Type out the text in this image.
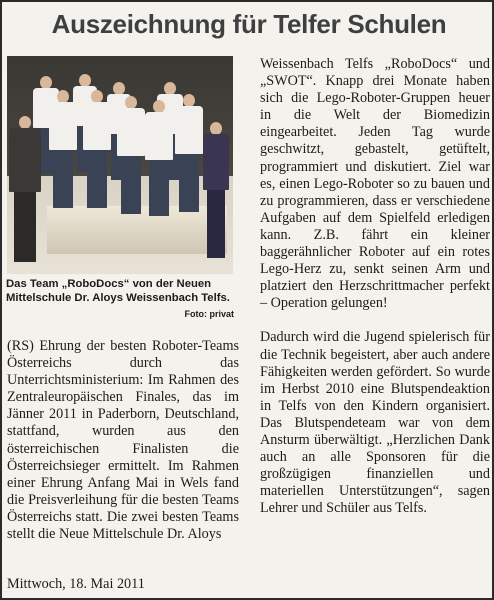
Auszeichnung für Telfer Schulen
Das Team „RoboDocs“ von der Neuen Mittelschule Dr. Aloys Weissenbach Telfs.
Foto: privat

(RS) Ehrung der besten Roboter-Teams Österreichs durch das Unterrichtsministerium: Im Rahmen des Zentraleuropäischen Finales, das im Jänner 2011 in Paderborn, Deutschland, stattfand, wurden aus den österreichischen Finalisten die Österreichsieger ermittelt. Im Rahmen einer Ehrung Anfang Mai in Wels fand die Preisverleihung für die besten Teams Österreichs statt. Die zwei besten Teams stellt die Neue Mittelschule Dr. Aloys

Weissenbach Telfs „RoboDocs“ und „SWOT“. Knapp drei Monate haben sich die Lego-Roboter-Gruppen heuer in die Welt der Biomedizin eingearbeitet. Jeden Tag wurde geschwitzt, gebastelt, getüftelt, programmiert und diskutiert. Ziel war es, einen Lego-Roboter so zu bauen und zu programmieren, dass er verschiedene Aufgaben auf dem Spielfeld erledigen kann. Z.B. fährt ein kleiner baggerähnlicher Roboter auf ein rotes Lego-Herz zu, senkt seinen Arm und platziert den Herzschrittmacher perfekt – Operation gelungen!

Dadurch wird die Jugend spielerisch für die Technik begeistert, aber auch andere Fähigkeiten werden gefördert. So wurde im Herbst 2010 eine Blutspendeaktion in Telfs von den Kindern organisiert. Das Blutspendeteam war von dem Ansturm überwältigt. „Herzlichen Dank auch an alle Sponsoren für die großzügigen finanziellen und materiellen Unterstützungen“, sagen Lehrer und Schüler aus Telfs.

Mittwoch, 18. Mai 2011
